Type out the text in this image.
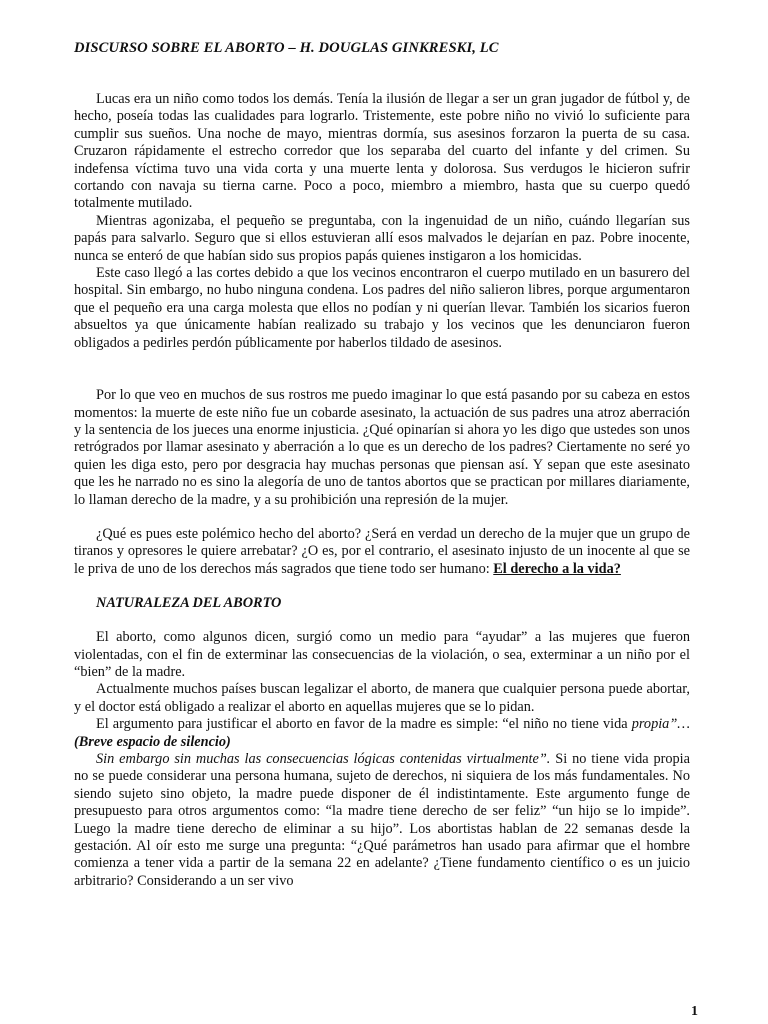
DISCURSO SOBRE EL ABORTO – H. DOUGLAS GINKRESKI, LC

Lucas era un niño como todos los demás. Tenía la ilusión de llegar a ser un gran jugador de fútbol y, de hecho, poseía todas las cualidades para lograrlo. Tristemente, este pobre niño no vivió lo suficiente para cumplir sus sueños. Una noche de mayo, mientras dormía, sus asesinos forzaron la puerta de su casa. Cruzaron rápidamente el estrecho corredor que los separaba del cuarto del infante y del crimen. Su indefensa víctima tuvo una vida corta y una muerte lenta y dolorosa. Sus verdugos le hicieron sufrir cortando con navaja su tierna carne. Poco a poco, miembro a miembro, hasta que su cuerpo quedó totalmente mutilado.

Mientras agonizaba, el pequeño se preguntaba, con la ingenuidad de un niño, cuándo llegarían sus papás para salvarlo. Seguro que si ellos estuvieran allí esos malvados le dejarían en paz. Pobre inocente, nunca se enteró de que habían sido sus propios papás quienes instigaron a los homicidas.

Este caso llegó a las cortes debido a que los vecinos encontraron el cuerpo mutilado en un basurero del hospital. Sin embargo, no hubo ninguna condena. Los padres del niño salieron libres, porque argumentaron que el pequeño era una carga molesta que ellos no podían y ni querían llevar. También los sicarios fueron absueltos ya que únicamente habían realizado su trabajo y los vecinos que les denunciaron fueron obligados a pedirles perdón públicamente por haberlos tildado de asesinos.

Por lo que veo en muchos de sus rostros me puedo imaginar lo que está pasando por su cabeza en estos momentos: la muerte de este niño fue un cobarde asesinato, la actuación de sus padres una atroz aberración y la sentencia de los jueces una enorme injusticia. ¿Qué opinarían si ahora yo les digo que ustedes son unos retrógrados por llamar asesinato y aberración a lo que es un derecho de los padres? Ciertamente no seré yo quien les diga esto, pero por desgracia hay muchas personas que piensan así. Y sepan que este asesinato que les he narrado no es sino la alegoría de uno de tantos abortos que se practican por millares diariamente, lo llaman derecho de la madre, y a su prohibición una represión de la mujer.

¿Qué es pues este polémico hecho del aborto? ¿Será en verdad un derecho de la mujer que un grupo de tiranos y opresores le quiere arrebatar? ¿O es, por el contrario, el asesinato injusto de un inocente al que se le priva de uno de los derechos más sagrados que tiene todo ser humano: El derecho a la vida?

NATURALEZA DEL ABORTO

El aborto, como algunos dicen, surgió como un medio para “ayudar” a las mujeres que fueron violentadas, con el fin de exterminar las consecuencias de la violación, o sea, exterminar a un niño por el “bien” de la madre.

Actualmente muchos países buscan legalizar el aborto, de manera que cualquier persona puede abortar, y el doctor está obligado a realizar el aborto en aquellas mujeres que se lo pidan.

El argumento para justificar el aborto en favor de la madre es simple: “el niño no tiene vida propia”… (Breve espacio de silencio)

Sin embargo sin muchas las consecuencias lógicas contenidas virtualmente”. Si no tiene vida propia no se puede considerar una persona humana, sujeto de derechos, ni siquiera de los más fundamentales. No siendo sujeto sino objeto, la madre puede disponer de él indistintamente. Este argumento funge de presupuesto para otros argumentos como: “la madre tiene derecho de ser feliz” “un hijo se lo impide”. Luego la madre tiene derecho de eliminar a su hijo”. Los abortistas hablan de 22 semanas desde la gestación. Al oír esto me surge una pregunta: “¿Qué parámetros han usado para afirmar que el hombre comienza a tener vida a partir de la semana 22 en adelante? ¿Tiene fundamento científico o es un juicio arbitrario? Considerando a un ser vivo

1
